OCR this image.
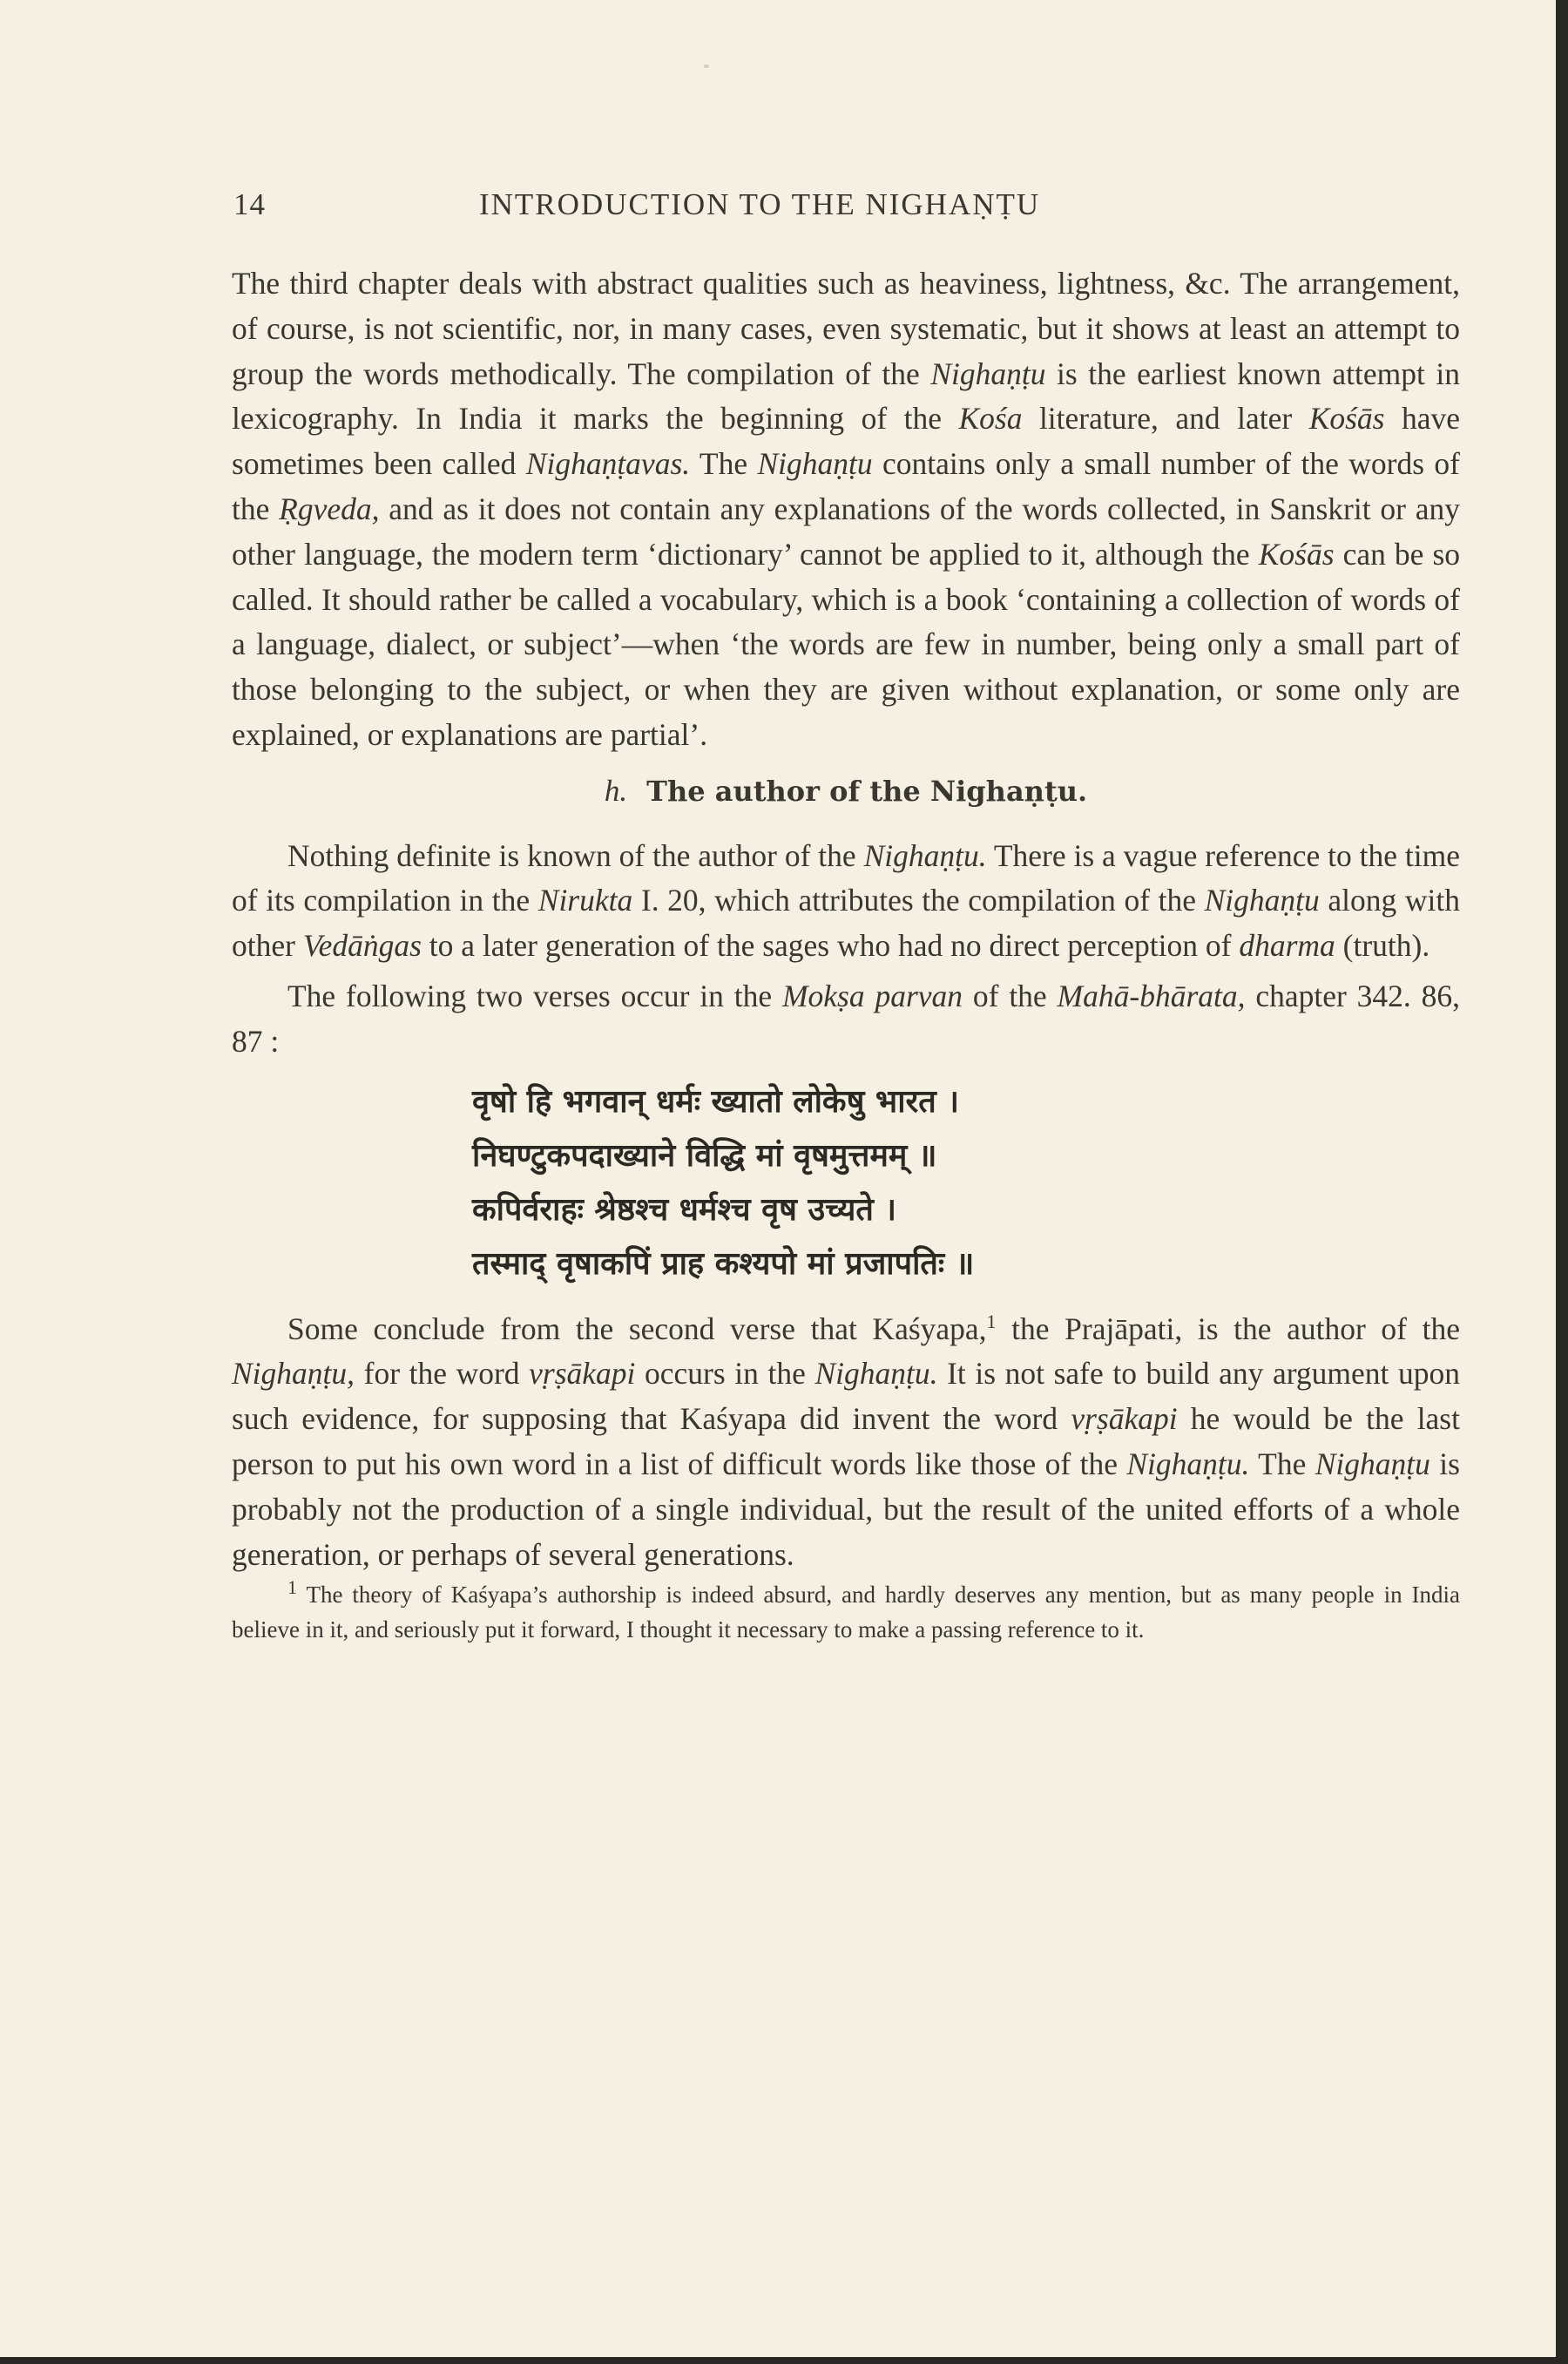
14	INTRODUCTION TO THE NIGHAṆṬU

The third chapter deals with abstract qualities such as heaviness, lightness, &c. The arrangement, of course, is not scientific, nor, in many cases, even systematic, but it shows at least an attempt to group the words methodically. The compilation of the Nighaṇṭu is the earliest known attempt in lexicography. In India it marks the beginning of the Kośa literature, and later Kośās have sometimes been called Nighaṇṭavas. The Nighaṇṭu contains only a small number of the words of the Ṛgveda, and as it does not contain any explanations of the words collected, in Sanskrit or any other language, the modern term ‘dictionary’ cannot be applied to it, although the Kośās can be so called. It should rather be called a vocabulary, which is a book ‘containing a collection of words of a language, dialect, or subject’—when ‘the words are few in number, being only a small part of those belonging to the subject, or when they are given without explanation, or some only are explained, or explanations are partial’.

h. The author of the Nighaṇṭu.

Nothing definite is known of the author of the Nighaṇṭu. There is a vague reference to the time of its compilation in the Nirukta I. 20, which attributes the compilation of the Nighaṇṭu along with other Vedāṅgas to a later generation of the sages who had no direct perception of dharma (truth).

The following two verses occur in the Mokṣa parvan of the Mahā-bhārata, chapter 342. 86, 87 :

वृषो हि भगवान् धर्मः ख्यातो लोकेषु भारत ।
निघण्टुकपदाख्याने विद्धि मां वृषमुत्तमम् ॥
कपिर्वराहः श्रेष्ठश्च धर्मश्च वृष उच्यते ।
तस्माद् वृषाकपिं प्राह कश्यपो मां प्रजापतिः ॥

Some conclude from the second verse that Kaśyapa,$^1$ the Prajāpati, is the author of the Nighaṇṭu, for the word vṛṣākapi occurs in the Nighaṇṭu. It is not safe to build any argument upon such evidence, for supposing that Kaśyapa did invent the word vṛṣākapi he would be the last person to put his own word in a list of difficult words like those of the Nighaṇṭu. The Nighaṇṭu is probably not the production of a single individual, but the result of the united efforts of a whole generation, or perhaps of several generations.

$^1$ The theory of Kaśyapa’s authorship is indeed absurd, and hardly deserves any mention, but as many people in India believe in it, and seriously put it forward, I thought it necessary to make a passing reference to it.
